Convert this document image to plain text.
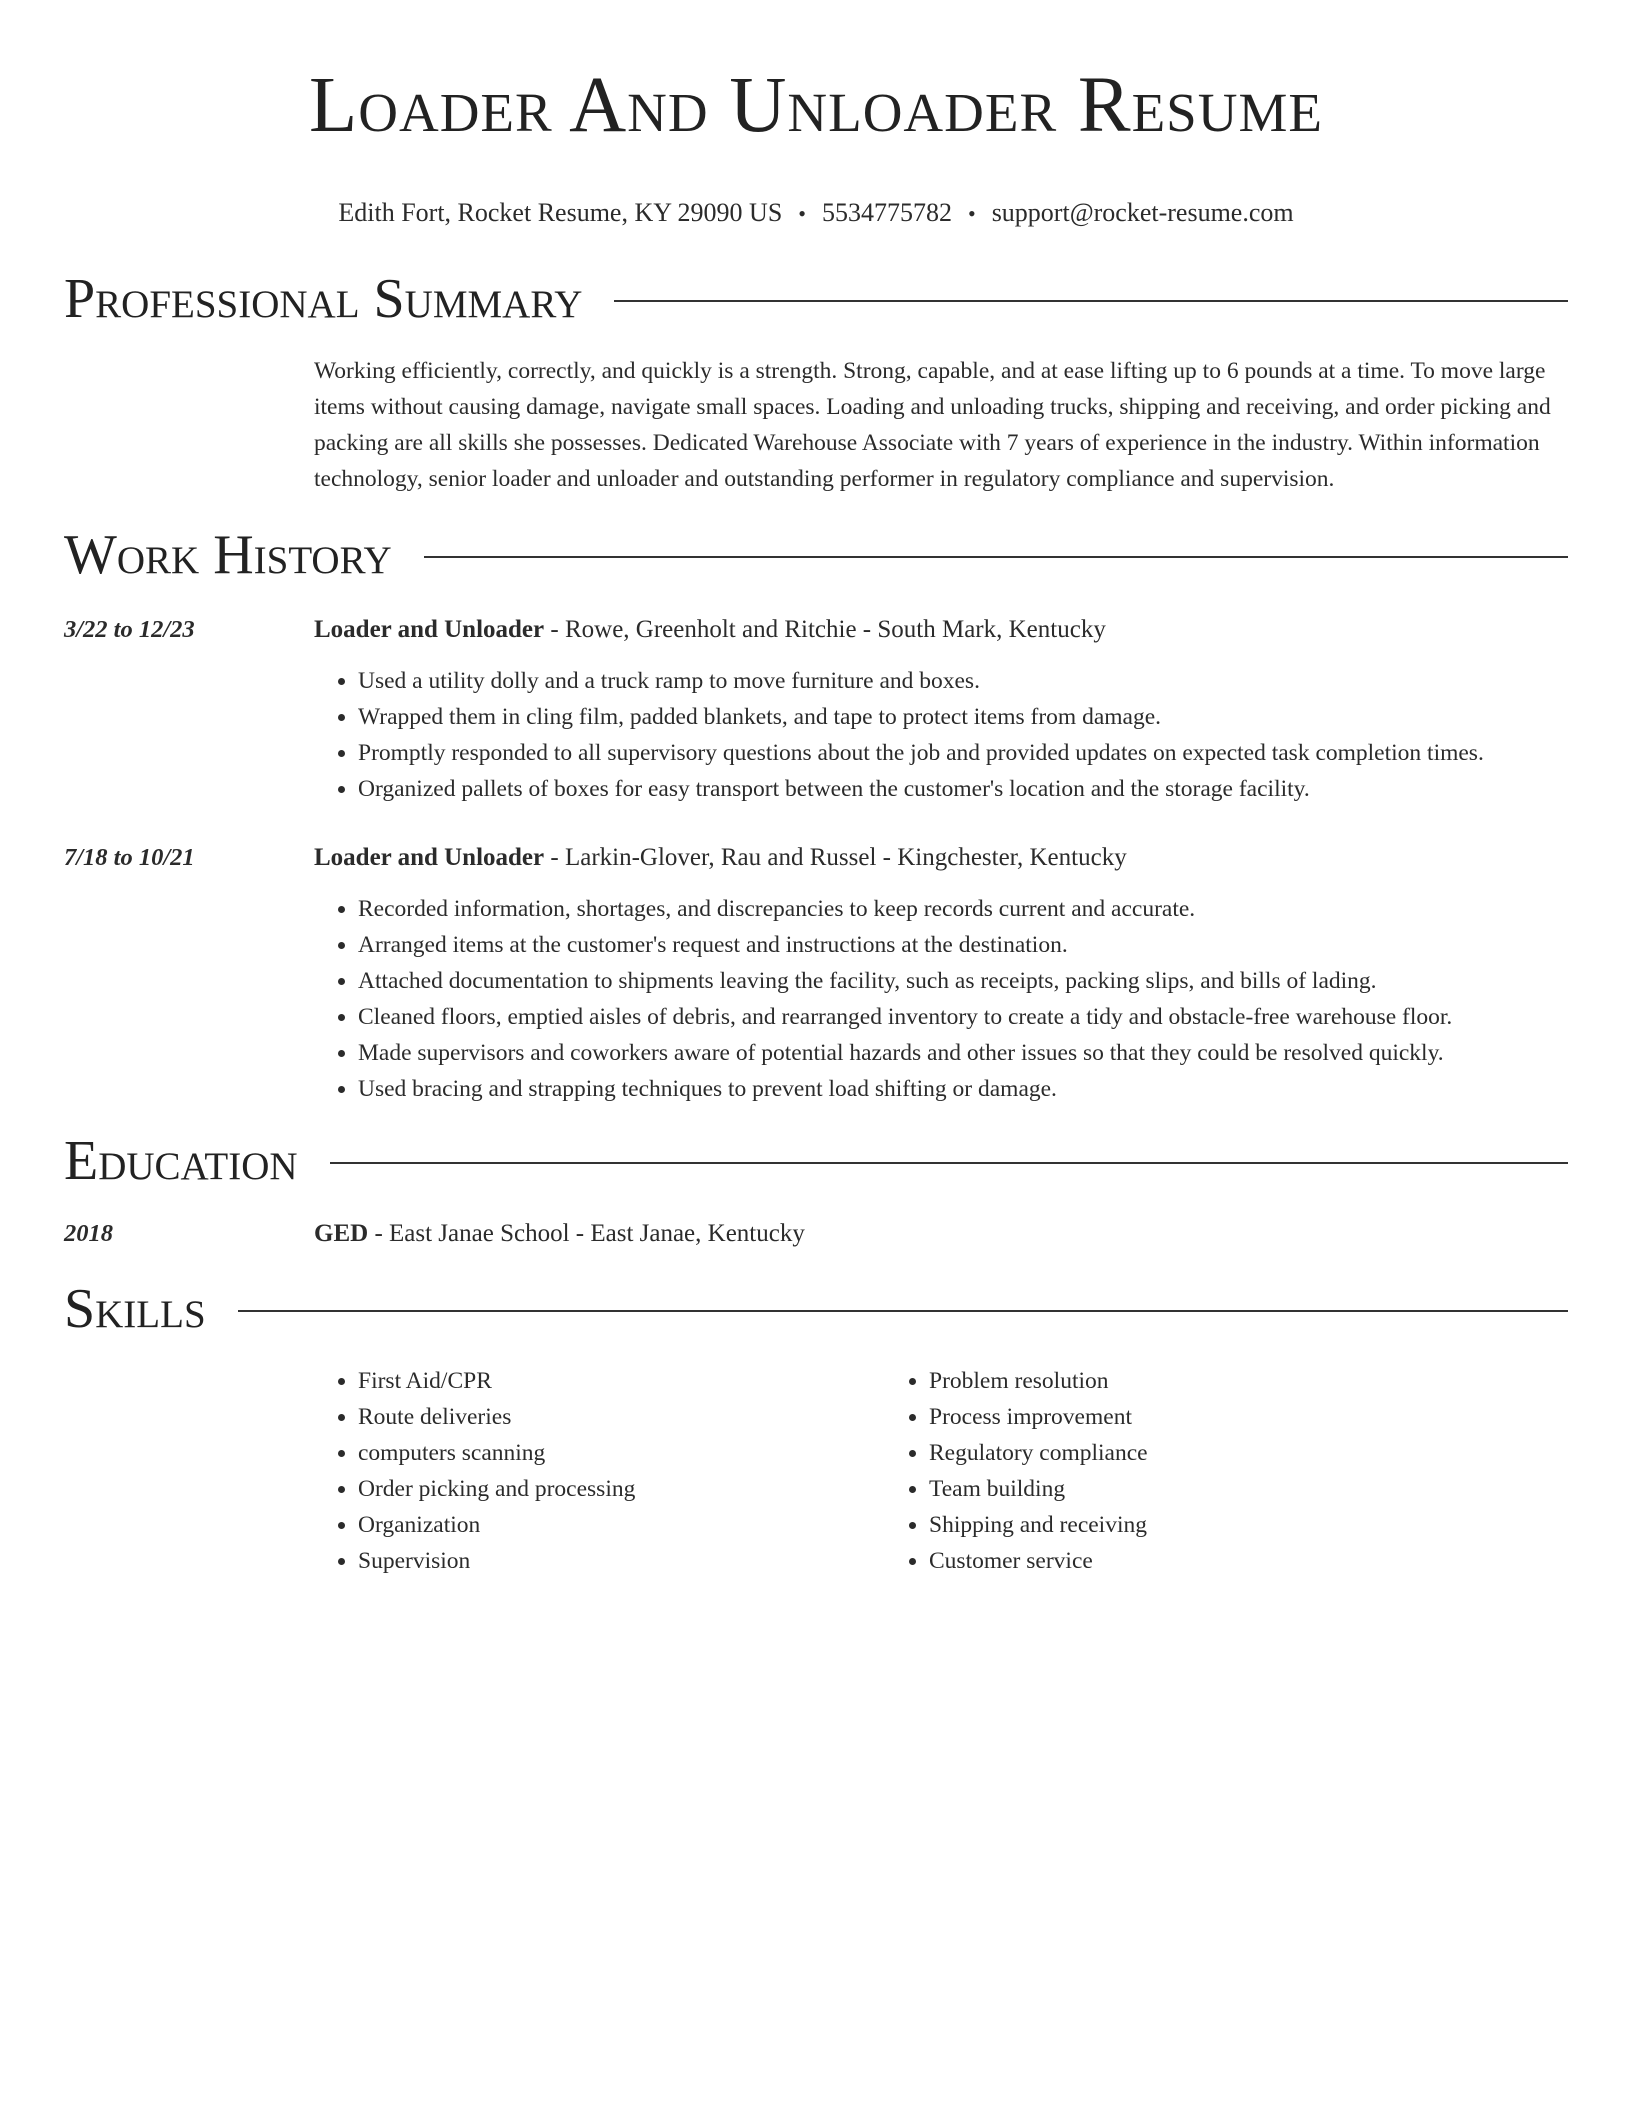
Loader And Unloader Resume
Edith Fort, Rocket Resume, KY 29090 US • 5534775782 • support@rocket-resume.com
Professional Summary
Working efficiently, correctly, and quickly is a strength. Strong, capable, and at ease lifting up to 6 pounds at a time. To move large items without causing damage, navigate small spaces. Loading and unloading trucks, shipping and receiving, and order picking and packing are all skills she possesses. Dedicated Warehouse Associate with 7 years of experience in the industry. Within information technology, senior loader and unloader and outstanding performer in regulatory compliance and supervision.
Work History
3/22 to 12/23	Loader and Unloader - Rowe, Greenholt and Ritchie - South Mark, Kentucky
• Used a utility dolly and a truck ramp to move furniture and boxes.
• Wrapped them in cling film, padded blankets, and tape to protect items from damage.
• Promptly responded to all supervisory questions about the job and provided updates on expected task completion times.
• Organized pallets of boxes for easy transport between the customer's location and the storage facility.
7/18 to 10/21	Loader and Unloader - Larkin-Glover, Rau and Russel - Kingchester, Kentucky
• Recorded information, shortages, and discrepancies to keep records current and accurate.
• Arranged items at the customer's request and instructions at the destination.
• Attached documentation to shipments leaving the facility, such as receipts, packing slips, and bills of lading.
• Cleaned floors, emptied aisles of debris, and rearranged inventory to create a tidy and obstacle-free warehouse floor.
• Made supervisors and coworkers aware of potential hazards and other issues so that they could be resolved quickly.
• Used bracing and strapping techniques to prevent load shifting or damage.
Education
2018	GED - East Janae School - East Janae, Kentucky
Skills
• First Aid/CPR
• Route deliveries
• computers scanning
• Order picking and processing
• Organization
• Supervision
• Problem resolution
• Process improvement
• Regulatory compliance
• Team building
• Shipping and receiving
• Customer service
